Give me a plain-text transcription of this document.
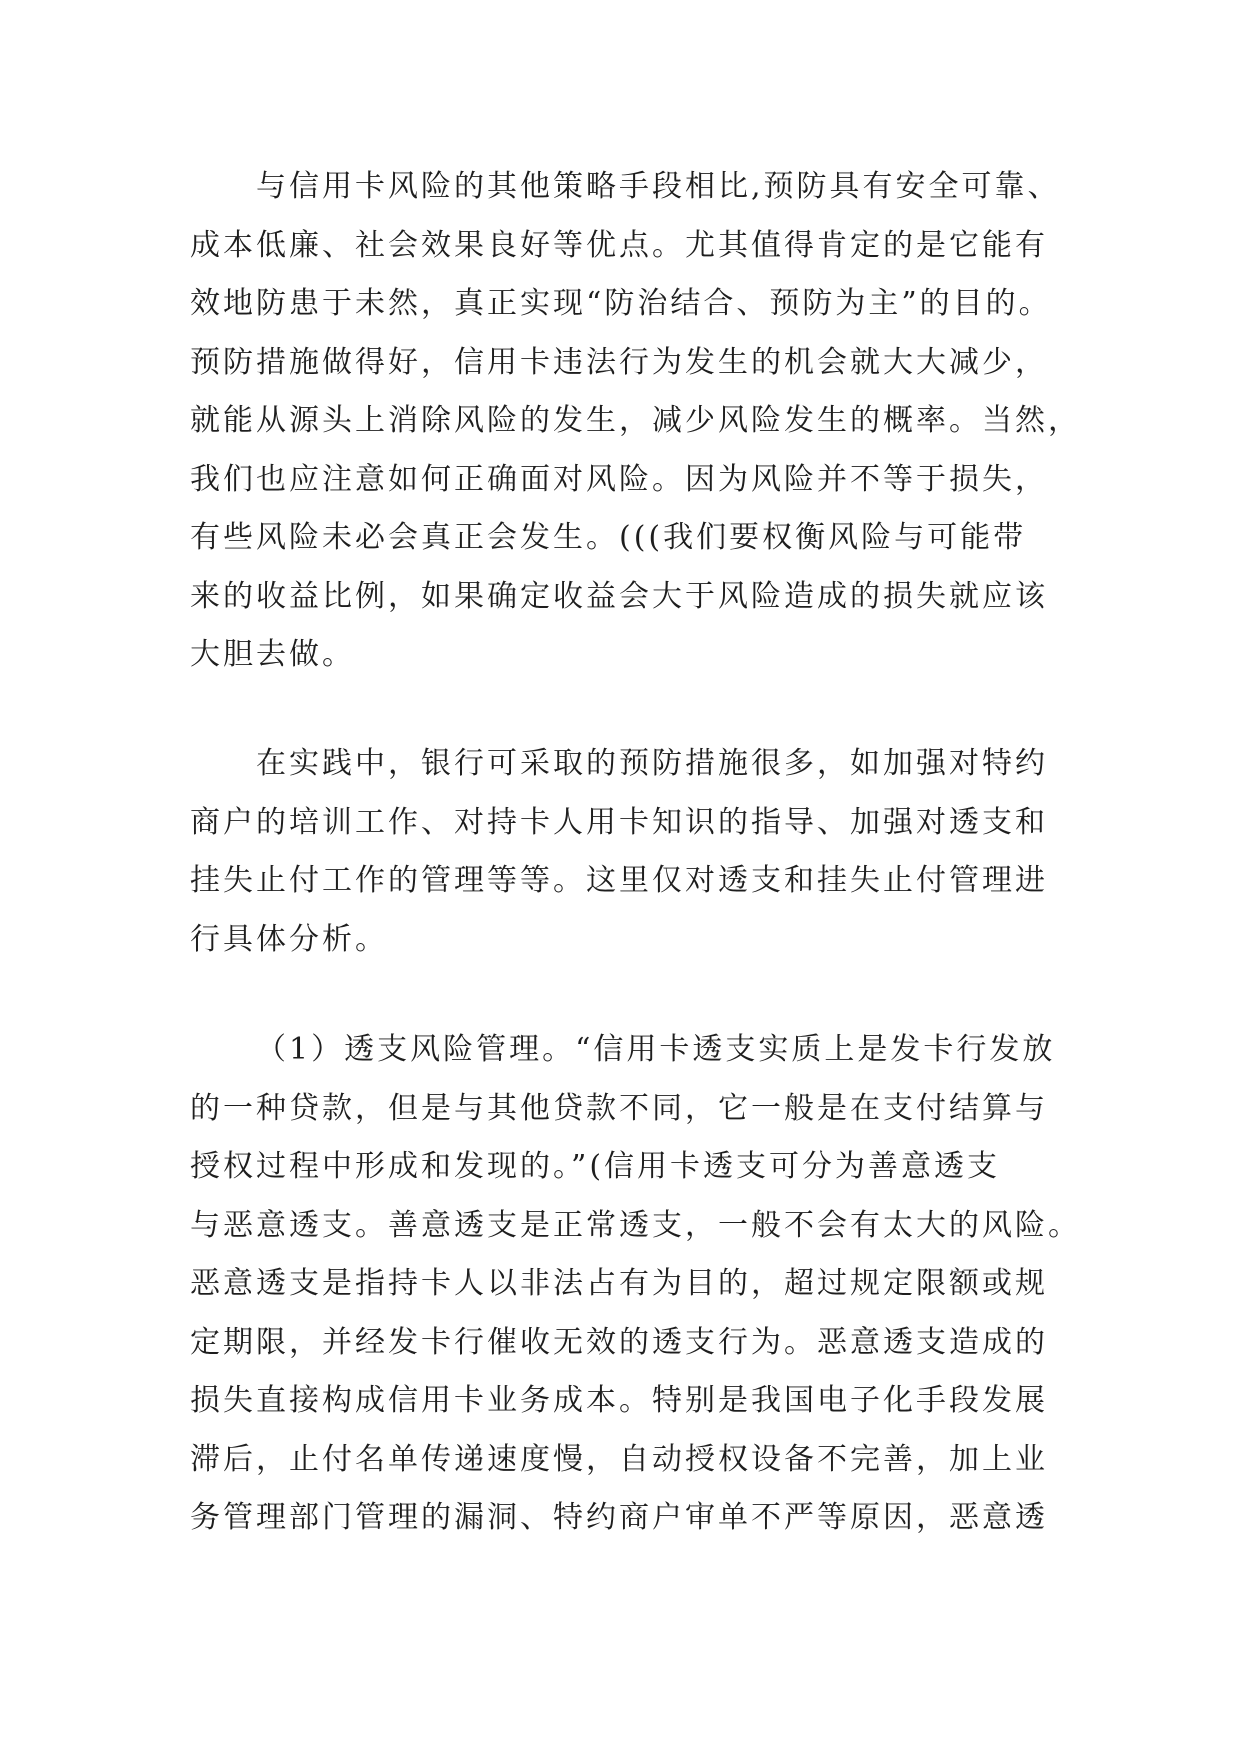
与信用卡风险的其他策略手段相比,预防具有安全可靠、
成本低廉、社会效果良好等优点。尤其值得肯定的是它能有
效地防患于未然，真正实现“防治结合、预防为主”的目的。
预防措施做得好，信用卡违法行为发生的机会就大大减少，
就能从源头上消除风险的发生，减少风险发生的概率。当然，
我们也应注意如何正确面对风险。因为风险并不等于损失，
有些风险未必会真正会发生。(((我们要权衡风险与可能带
来的收益比例，如果确定收益会大于风险造成的损失就应该
大胆去做。
在实践中，银行可采取的预防措施很多，如加强对特约
商户的培训工作、对持卡人用卡知识的指导、加强对透支和
挂失止付工作的管理等等。这里仅对透支和挂失止付管理进
行具体分析。
（1）透支风险管理。“信用卡透支实质上是发卡行发放
的一种贷款，但是与其他贷款不同，它一般是在支付结算与
授权过程中形成和发现的。”(信用卡透支可分为善意透支
与恶意透支。善意透支是正常透支，一般不会有太大的风险。
恶意透支是指持卡人以非法占有为目的，超过规定限额或规
定期限，并经发卡行催收无效的透支行为。恶意透支造成的
损失直接构成信用卡业务成本。特别是我国电子化手段发展
滞后，止付名单传递速度慢，自动授权设备不完善，加上业
务管理部门管理的漏洞、特约商户审单不严等原因，恶意透
